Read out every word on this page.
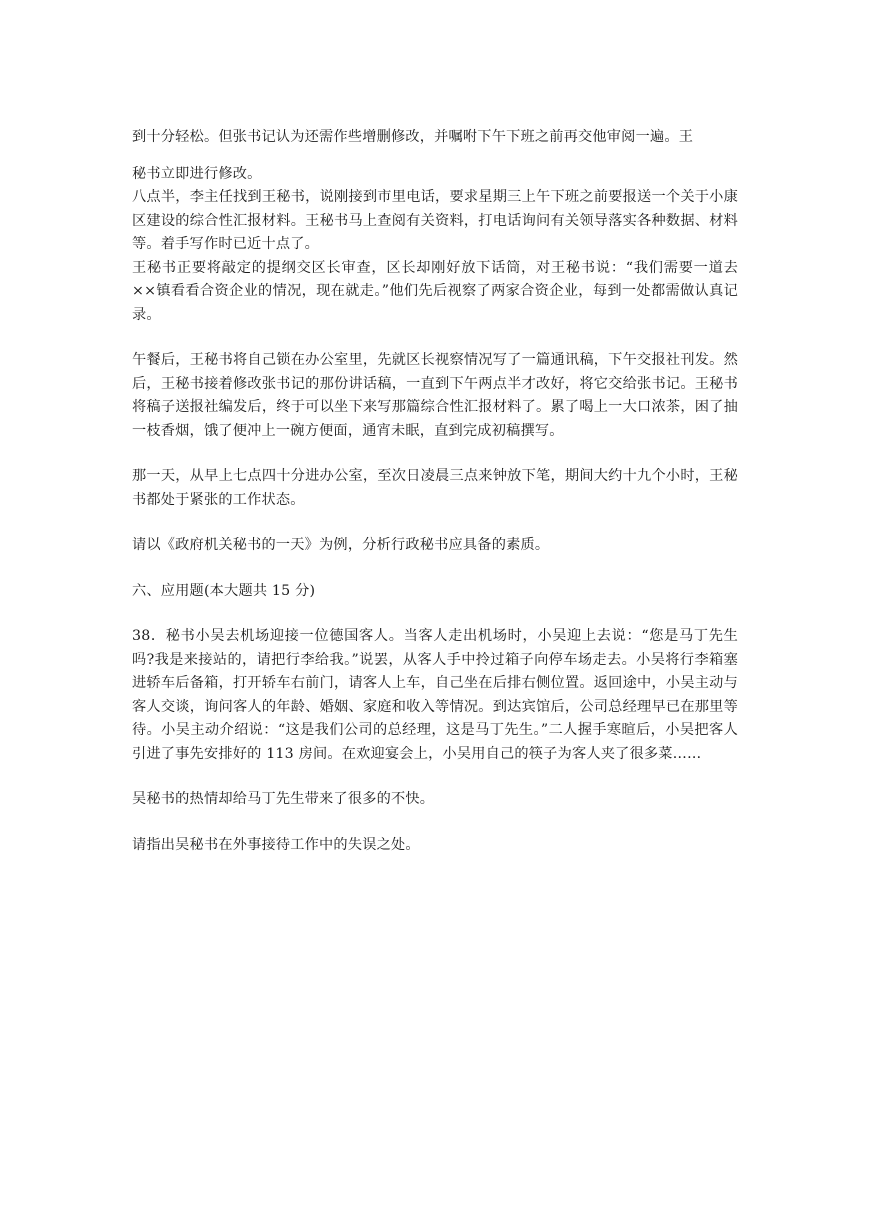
到十分轻松。但张书记认为还需作些增删修改，并嘱咐下午下班之前再交他审阅一遍。王

秘书立即进行修改。

八点半，李主任找到王秘书，说刚接到市里电话，要求星期三上午下班之前要报送一个关于小康区建设的综合性汇报材料。王秘书马上查阅有关资料，打电话询问有关领导落实各种数据、材料等。着手写作时已近十点了。

王秘书正要将敲定的提纲交区长审查，区长却刚好放下话筒，对王秘书说：“我们需要一道去××镇看看合资企业的情况，现在就走。”他们先后视察了两家合资企业，每到一处都需做认真记录。

午餐后，王秘书将自己锁在办公室里，先就区长视察情况写了一篇通讯稿，下午交报社刊发。然后，王秘书接着修改张书记的那份讲话稿，一直到下午两点半才改好，将它交给张书记。王秘书将稿子送报社编发后，终于可以坐下来写那篇综合性汇报材料了。累了喝上一大口浓茶，困了抽一枝香烟，饿了便冲上一碗方便面，通宵未眠，直到完成初稿撰写。

那一天，从早上七点四十分进办公室，至次日凌晨三点来钟放下笔，期间大约十九个小时，王秘书都处于紧张的工作状态。

请以《政府机关秘书的一天》为例，分析行政秘书应具备的素质。

六、应用题(本大题共 15 分)

38．秘书小吴去机场迎接一位德国客人。当客人走出机场时，小吴迎上去说：“您是马丁先生吗?我是来接站的，请把行李给我。”说罢，从客人手中拎过箱子向停车场走去。小吴将行李箱塞进轿车后备箱，打开轿车右前门，请客人上车，自己坐在后排右侧位置。返回途中，小吴主动与客人交谈，询问客人的年龄、婚姻、家庭和收入等情况。到达宾馆后，公司总经理早已在那里等待。小吴主动介绍说：“这是我们公司的总经理，这是马丁先生。”二人握手寒暄后，小吴把客人引进了事先安排好的 113 房间。在欢迎宴会上，小吴用自己的筷子为客人夹了很多菜……

吴秘书的热情却给马丁先生带来了很多的不快。

请指出吴秘书在外事接待工作中的失误之处。
